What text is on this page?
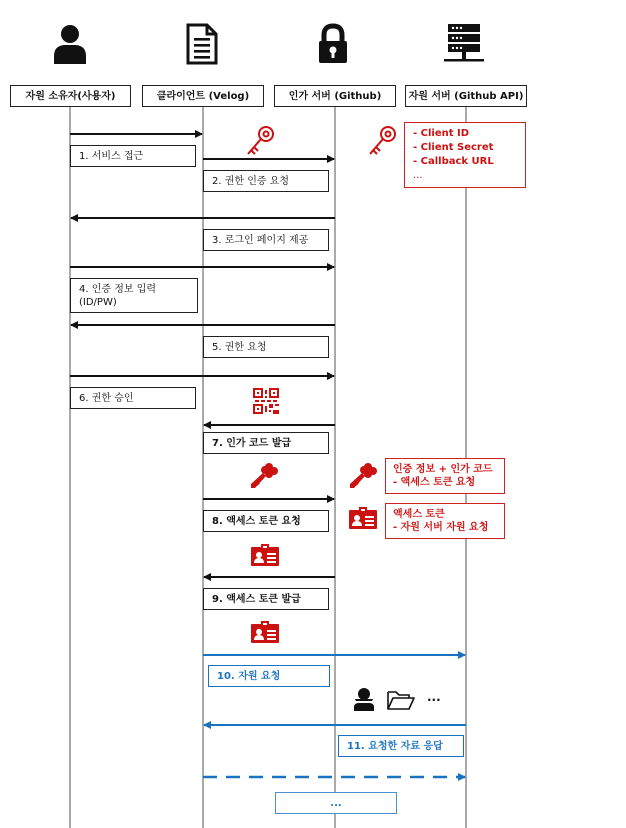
자원 소유자(사용자)	클라이언트 (Velog)	인가 서버 (Github)	자원 서버 (Github API)
1. 서비스 접근
2. 권한 인증 요청
3. 로그인 페이지 제공
4. 인증 정보 입력
(ID/PW)
5. 권한 요청
6. 권한 승인
7. 인가 코드 발급
8. 액세스 토큰 요청
9. 액세스 토큰 발급
10. 자원 요청
11. 요청한 자료 응답
...
- Client ID
- Client Secret
- Callback URL
...
인증 정보 + 인가 코드
- 액세스 토큰 요청
액세스 토큰
- 자원 서버 자원 요청
...
